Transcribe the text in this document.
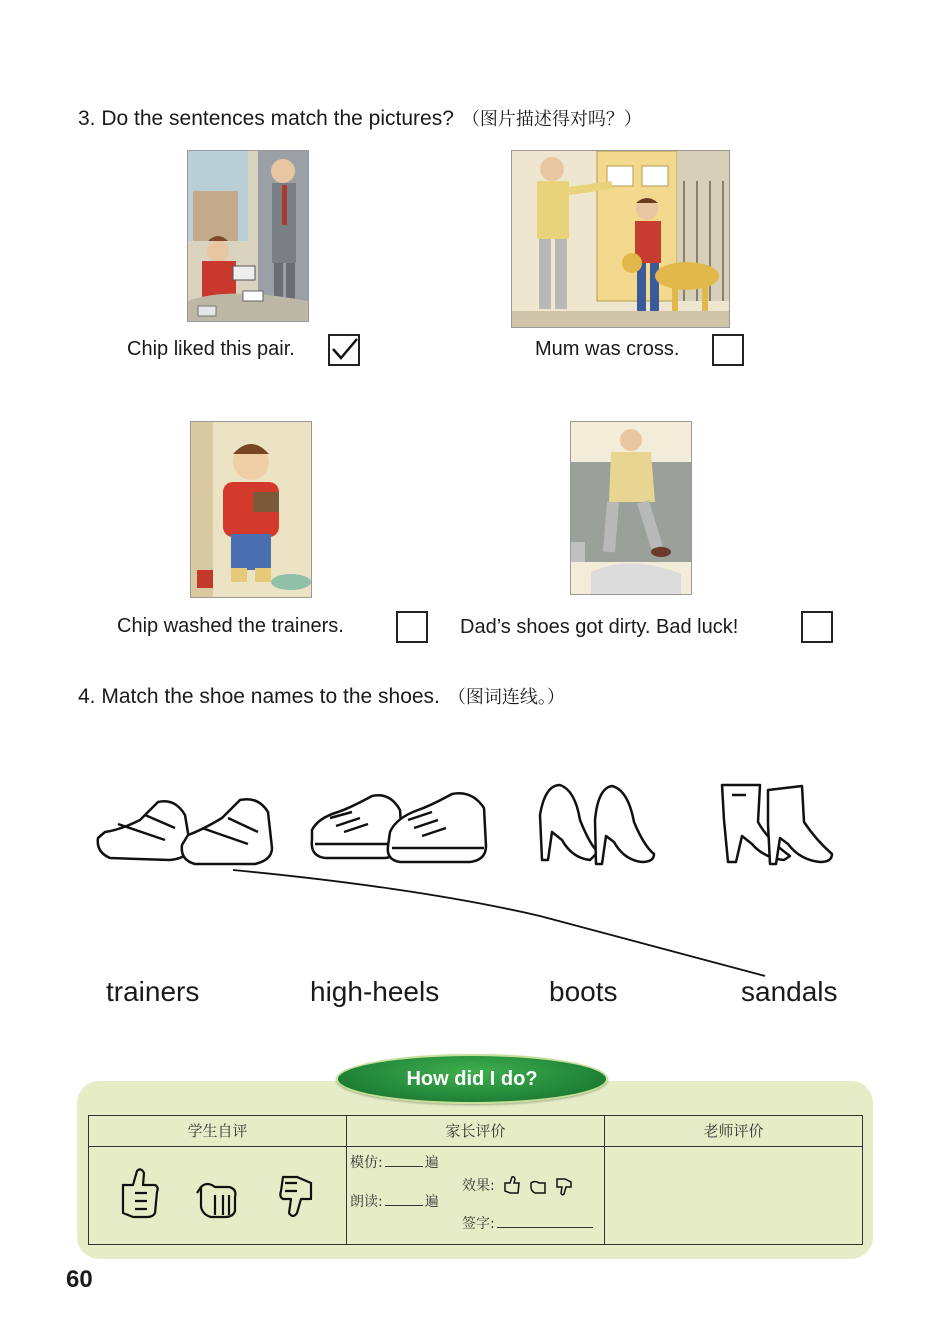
3. Do the sentences match the pictures? （图片描述得对吗？）
Chip liked this pair.	Mum was cross.
Chip washed the trainers.	Dad’s shoes got dirty. Bad luck!
4. Match the shoe names to the shoes. （图词连线。）
trainers	high-heels	boots	sandals
How did I do?
学生自评	家长评价	老师评价
模仿:	遍
朗读:	遍
效果:
签字:
60
